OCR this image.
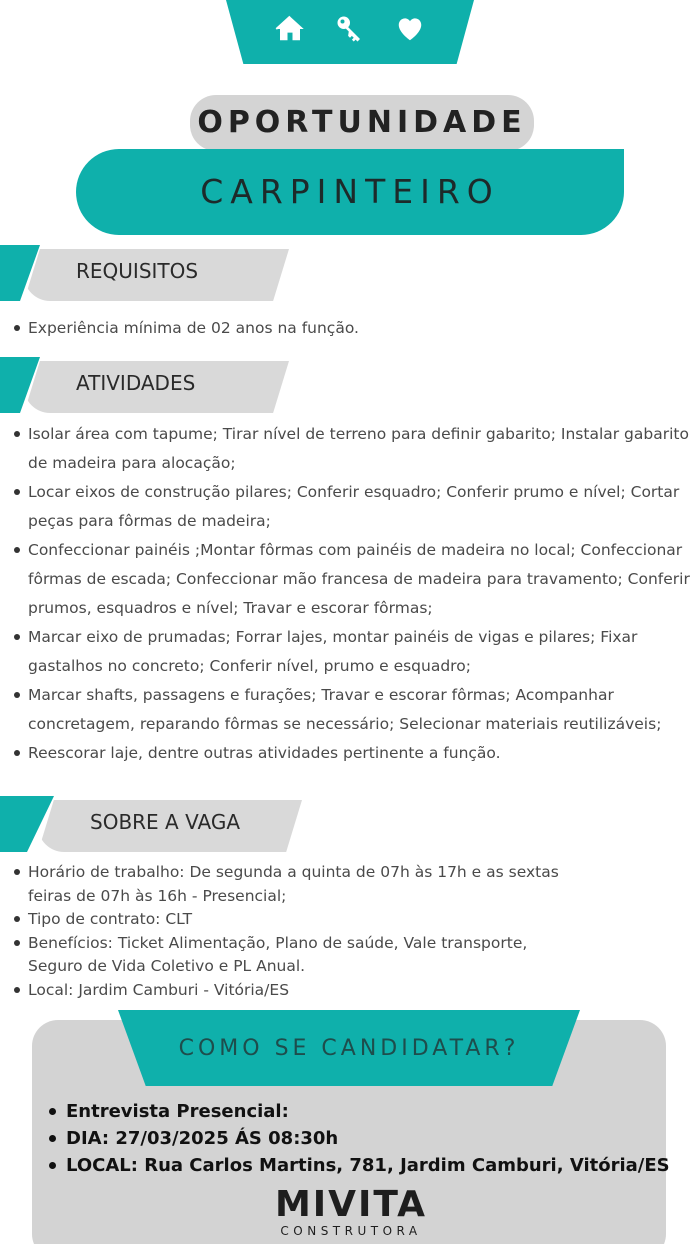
OPORTUNIDADE
CARPINTEIRO
REQUISITOS
Experiência mínima de 02 anos na função.
ATIVIDADES
Isolar área com tapume; Tirar nível de terreno para definir gabarito; Instalar gabarito de madeira para alocação;
Locar eixos de construção pilares; Conferir esquadro; Conferir prumo e nível; Cortar peças para fôrmas de madeira;
Confeccionar painéis ;Montar fôrmas com painéis de madeira no local; Confeccionar fôrmas de escada; Confeccionar mão francesa de madeira para travamento; Conferir prumos, esquadros e nível; Travar e escorar fôrmas;
Marcar eixo de prumadas; Forrar lajes, montar painéis de vigas e pilares; Fixar gastalhos no concreto; Conferir nível, prumo e esquadro;
Marcar shafts, passagens e furações; Travar e escorar fôrmas; Acompanhar concretagem, reparando fôrmas se necessário; Selecionar materiais reutilizáveis;
Reescorar laje, dentre outras atividades pertinente a função.
SOBRE A VAGA
Horário de trabalho: De segunda a quinta de 07h às 17h e as sextas feiras de 07h às 16h - Presencial;
Tipo de contrato: CLT
Benefícios: Ticket Alimentação, Plano de saúde, Vale transporte, Seguro de Vida Coletivo e PL Anual.
Local: Jardim Camburi - Vitória/ES
COMO SE CANDIDATAR?
Entrevista Presencial:
DIA: 27/03/2025 ÁS 08:30h
LOCAL: Rua Carlos Martins, 781, Jardim Camburi, Vitória/ES
MIVITA
CONSTRUTORA
